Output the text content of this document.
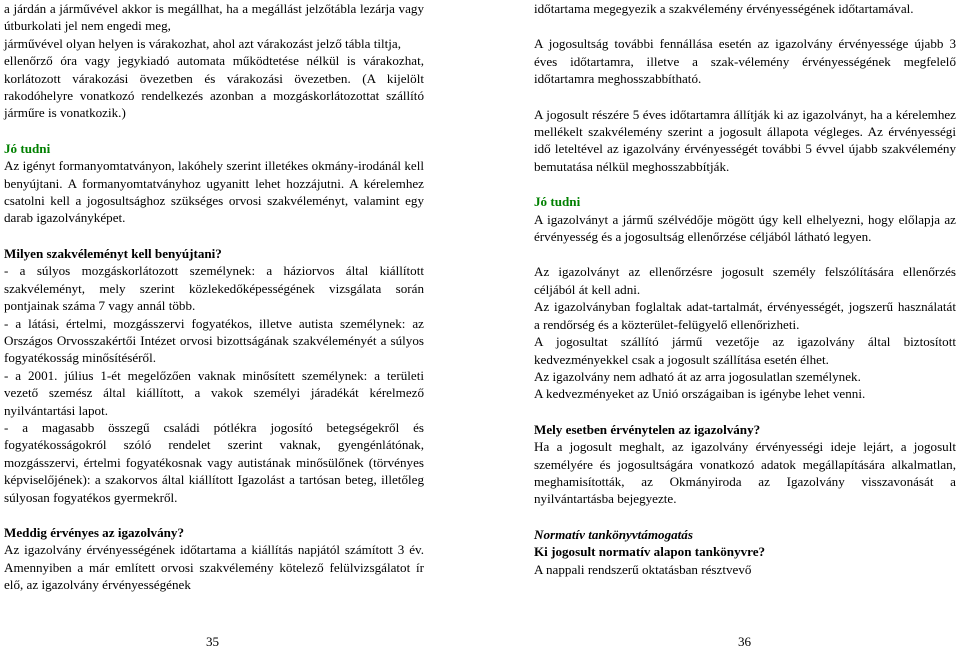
a járdán a járművével akkor is megállhat, ha a megállást jelzőtábla lezárja vagy útburkolati jel nem engedi meg,

járművével olyan helyen is várakozhat, ahol azt várakozást jelző tábla tiltja,

ellenőrző óra vagy jegykiadó automata működtetése nélkül is várakozhat, korlátozott várakozási övezetben és várakozási övezetben. (A kijelölt rakodóhelyre vonatkozó rendelkezés azonban a mozgáskorlátozottat szállító járműre is vonatkozik.)

Jó tudni

Az igényt formanyomtatványon, lakóhely szerint illetékes okmány-irodánál kell benyújtani. A formanyomtatványhoz ugyanitt lehet hozzájutni. A kérelemhez csatolni kell a jogosultsághoz szükséges orvosi szakvéleményt, valamint egy darab igazolványképet.

Milyen szakvéleményt kell benyújtani?

- a súlyos mozgáskorlátozott személynek: a háziorvos által kiállított szakvéleményt, mely szerint közlekedőképességének vizsgálata során pontjainak száma 7 vagy annál több.

- a látási, értelmi, mozgásszervi fogyatékos, illetve autista személynek: az Országos Orvosszakértői Intézet orvosi bizottságának szakvéleményét a súlyos fogyatékosság minősítéséről.

- a 2001. július 1-ét megelőzően vaknak minősített személynek: a területi vezető szemész által kiállított, a vakok személyi járadékát kérelmező nyilvántartási lapot.

- a magasabb összegű családi pótlékra jogosító betegségekről és fogyatékosságokról szóló rendelet szerint vaknak, gyengénlátónak, mozgásszervi, értelmi fogyatékosnak vagy autistának minősülőnek (törvényes képviselőjének): a szakorvos által kiállított Igazolást a tartósan beteg, illetőleg súlyosan fogyatékos gyermekről.

Meddig érvényes az igazolvány?

Az igazolvány érvényességének időtartama a kiállítás napjától számított 3 év. Amennyiben a már említett orvosi szakvélemény kötelező felülvizsgálatot ír elő, az igazolvány érvényességének

35

időtartama megegyezik a szakvélemény érvényességének időtartamával.

A jogosultság további fennállása esetén az igazolvány érvényessége újabb 3 éves időtartamra, illetve a szak-vélemény érvényességének megfelelő időtartamra meghosszabbítható.

A jogosult részére 5 éves időtartamra állítják ki az igazolványt, ha a kérelemhez mellékelt szakvélemény szerint a jogosult állapota végleges. Az érvényességi idő leteltével az igazolvány érvényességét további 5 évvel újabb szakvélemény bemutatása nélkül meghosszabbítják.

Jó tudni

A igazolványt a jármű szélvédője mögött úgy kell elhelyezni, hogy előlapja az érvényesség és a jogosultság ellenőrzése céljából látható legyen.

Az igazolványt az ellenőrzésre jogosult személy felszólítására ellenőrzés céljából át kell adni.

Az igazolványban foglaltak adat-tartalmát, érvényességét, jogszerű használatát a rendőrség és a közterület-felügyelő ellenőrizheti.

A jogosultat szállító jármű vezetője az igazolvány által biztosított kedvezményekkel csak a jogosult szállítása esetén élhet.

Az igazolvány nem adható át az arra jogosulatlan személynek.

A kedvezményeket az Unió országaiban is igénybe lehet venni.

Mely esetben érvénytelen az igazolvány?

Ha a jogosult meghalt, az igazolvány érvényességi ideje lejárt, a jogosult személyére és jogosultságára vonatkozó adatok megállapítására alkalmatlan, meghamisították, az Okmányiroda az Igazolvány visszavonását a nyilvántartásba bejegyezte.

Normatív tankönyvtámogatás

Ki jogosult normatív alapon tankönyvre?

A nappali rendszerű oktatásban résztvevő

36
